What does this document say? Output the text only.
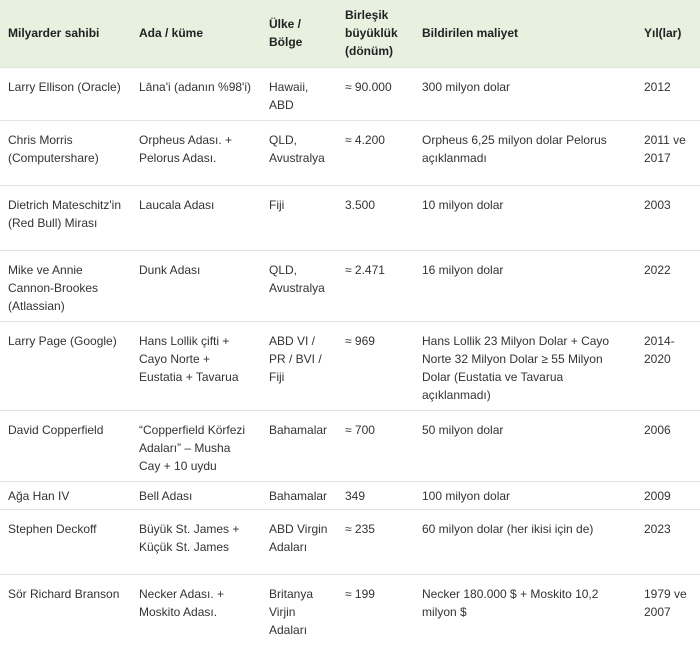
Milyarder sahibi	Ada / küme	Ülke / Bölge	Birleşik büyüklük (dönüm)	Bildirilen maliyet	Yıl(lar)
Larry Ellison (Oracle)	Lāna'i (adanın %98'i)	Hawaii, ABD	≈ 90.000	300 milyon dolar	2012
Chris Morris (Computershare)	Orpheus Adası. + Pelorus Adası.	QLD, Avustralya	≈ 4.200	Orpheus 6,25 milyon dolar Pelorus açıklanmadı	2011 ve 2017
Dietrich Mateschitz'in (Red Bull) Mirası	Laucala Adası	Fiji	3.500	10 milyon dolar	2003
Mike ve Annie Cannon-Brookes (Atlassian)	Dunk Adası	QLD, Avustralya	≈ 2.471	16 milyon dolar	2022
Larry Page (Google)	Hans Lollik çifti + Cayo Norte + Eustatia + Tavarua	ABD VI / PR / BVI / Fiji	≈ 969	Hans Lollik 23 Milyon Dolar + Cayo Norte 32 Milyon Dolar ≥ 55 Milyon Dolar (Eustatia ve Tavarua açıklanmadı)	2014-2020
David Copperfield	“Copperfield Körfezi Adaları” – Musha Cay + 10 uydu	Bahamalar	≈ 700	50 milyon dolar	2006
Ağa Han IV	Bell Adası	Bahamalar	349	100 milyon dolar	2009
Stephen Deckoff	Büyük St. James + Küçük St. James	ABD Virgin Adaları	≈ 235	60 milyon dolar (her ikisi için de)	2023
Sör Richard Branson	Necker Adası. + Moskito Adası.	Britanya Virjin Adaları	≈ 199	Necker 180.000 $ + Moskito 10,2 milyon $	1979 ve 2007
